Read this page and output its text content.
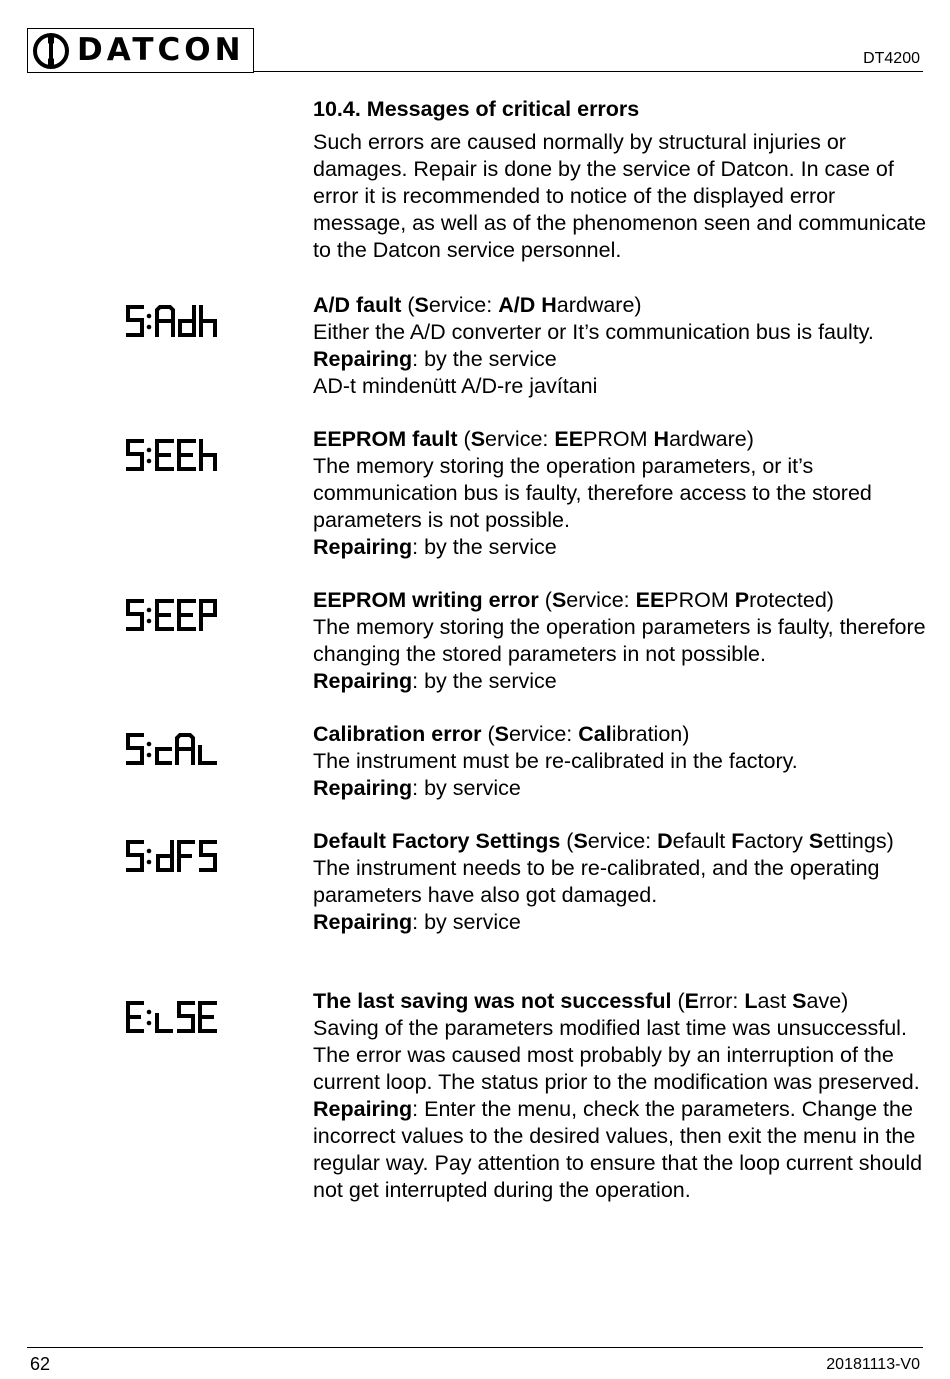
DATCON	DT4200
10.4. Messages of critical errors

Such errors are caused normally by structural injuries or damages. Repair is done by the service of Datcon. In case of error it is recommended to notice of the displayed error message, as well as of the phenomenon seen and communicate to the Datcon service personnel.

A/D fault (Service: A/D Hardware)

Either the A/D converter or It’s communication bus is faulty.

Repairing: by the service

AD-t mindenütt A/D-re javítani

EEPROM fault (Service: EEPROM Hardware)

The memory storing the operation parameters, or it’s communication bus is faulty, therefore access to the stored parameters is not possible.

Repairing: by the service

EEPROM writing error (Service: EEPROM Protected)

The memory storing the operation parameters is faulty, therefore changing the stored parameters in not possible.

Repairing: by the service

Calibration error (Service: Calibration)

The instrument must be re-calibrated in the factory.

Repairing: by service

Default Factory Settings (Service: Default Factory Settings)

The instrument needs to be re-calibrated, and the operating parameters have also got damaged.

Repairing: by service

The last saving was not successful (Error: Last Save)

Saving of the parameters modified last time was unsuccessful. The error was caused most probably by an interruption of the current loop. The status prior to the modification was preserved.

Repairing: Enter the menu, check the parameters. Change the incorrect values to the desired values, then exit the menu in the regular way. Pay attention to ensure that the loop current should not get interrupted during the operation.

62	20181113-V0
